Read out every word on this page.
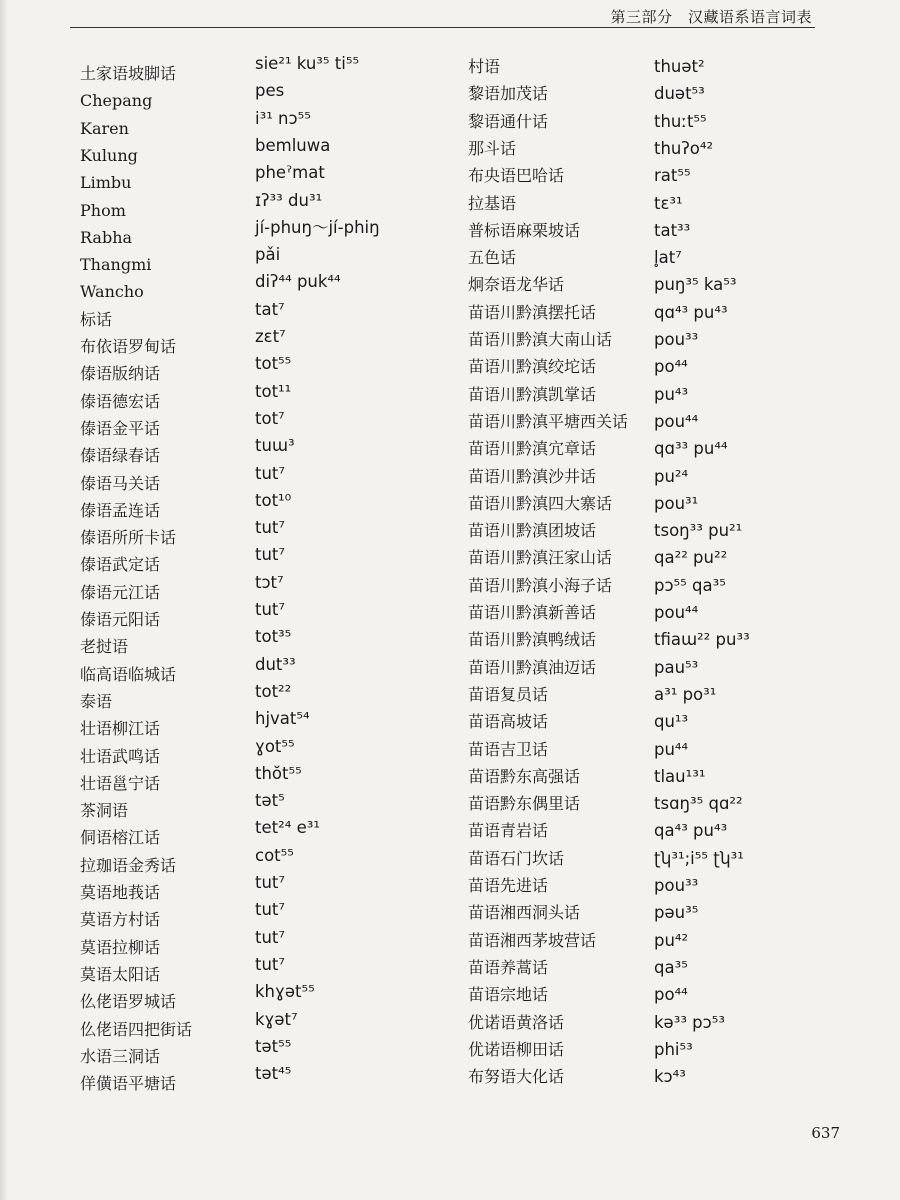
第三部分　汉藏语系语言词表
土家语坡脚话
Chepang
Karen
Kulung
Limbu
Phom
Rabha
Thangmi
Wancho
标话
布依语罗甸话
傣语版纳话
傣语德宏话
傣语金平话
傣语绿春话
傣语马关话
傣语孟连话
傣语所所卡话
傣语武定话
傣语元江话
傣语元阳话
老挝语
临高语临城话
泰语
壮语柳江话
壮语武鸣话
壮语邕宁话
茶洞语
侗语榕江话
拉珈语金秀话
莫语地莪话
莫语方村话
莫语拉柳话
莫语太阳话
仫佬语罗城话
仫佬语四把街话
水语三洞话
佯僙语平塘话
sie²¹ ku³⁵ ti⁵⁵
pes
i³¹ nɔ⁵⁵
bemluwa
pheˀmat
ɪʔ³³ du³¹
jí-phuŋ～jí-phiŋ
pǎi
diʔ⁴⁴ puk⁴⁴
tat⁷
zɛt⁷
tot⁵⁵
tot¹¹
tot⁷
tuɯ³
tut⁷
tot¹⁰
tut⁷
tut⁷
tɔt⁷
tut⁷
tot³⁵
dut³³
tot²²
hjvat⁵⁴
ɣot⁵⁵
thŏt⁵⁵
tət⁵
tet²⁴ e³¹
cot⁵⁵
tut⁷
tut⁷
tut⁷
tut⁷
khɣət⁵⁵
kɣət⁷
tət⁵⁵
tət⁴⁵
村语
黎语加茂话
黎语通什话
那斗话
布央语巴哈话
拉基语
普标语麻栗坡话
五色话
炯奈语龙华话
苗语川黔滇摆托话
苗语川黔滇大南山话
苗语川黔滇绞坨话
苗语川黔滇凯掌话
苗语川黔滇平塘西关话
苗语川黔滇宂章话
苗语川黔滇沙井话
苗语川黔滇四大寨话
苗语川黔滇团坡话
苗语川黔滇汪家山话
苗语川黔滇小海子话
苗语川黔滇新善话
苗语川黔滇鸭绒话
苗语川黔滇油迈话
苗语复员话
苗语高坡话
苗语吉卫话
苗语黔东高强话
苗语黔东偶里话
苗语青岩话
苗语石门坎话
苗语先进话
苗语湘西洞头话
苗语湘西茅坡营话
苗语养蒿话
苗语宗地话
优诺语黄洛话
优诺语柳田话
布努语大化话
thuət²
duət⁵³
thuːt⁵⁵
thuʔo⁴²
rat⁵⁵
tɛ³¹
tat³³
l̥at⁷
puŋ³⁵ ka⁵³
qɑ⁴³ pu⁴³
pou³³
po⁴⁴
pu⁴³
pou⁴⁴
qɑ³³ pu⁴⁴
pu²⁴
pou³¹
tsoŋ³³ pu²¹
qa²² pu²²
pɔ⁵⁵ qa³⁵
pou⁴⁴
tfiaɯ²² pu³³
pau⁵³
a³¹ po³¹
qu¹³
pu⁴⁴
tlau¹³¹
tsɑŋ³⁵ qɑ²²
qa⁴³ pu⁴³
ʈʮ³¹;i⁵⁵ ʈʮ³¹
pou³³
pəu³⁵
pu⁴²
qa³⁵
po⁴⁴
kə³³ pɔ⁵³
phi⁵³
kɔ⁴³
637
